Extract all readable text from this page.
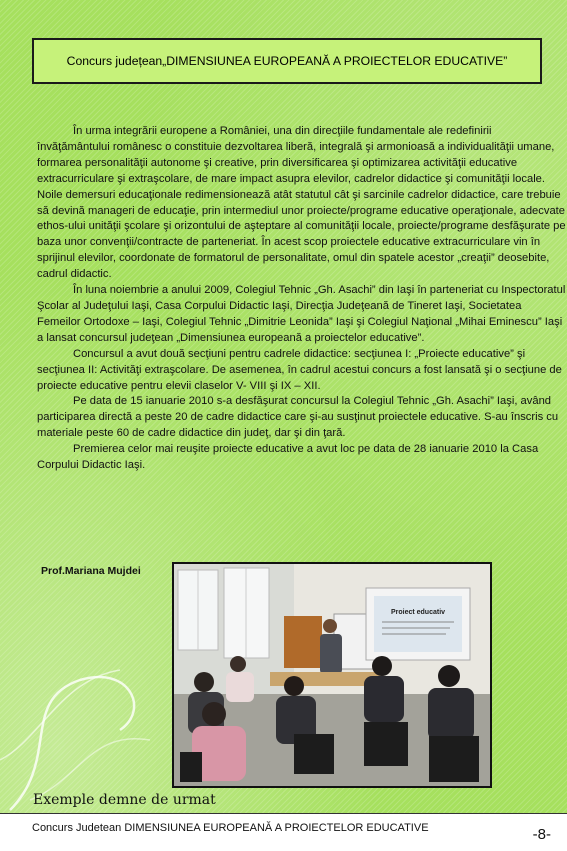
Concurs județean„DIMENSIUNEA EUROPEANĂ A PROIECTELOR EDUCATIVE”

În urma integrării europene a României, una din direcţiile fundamentale ale redefinirii învăţământului românesc o constituie dezvoltarea liberă, integrală şi armonioasă a individualităţii umane, formarea personalităţii autonome şi creative, prin diversificarea şi optimizarea activităţii educative extracurriculare şi extraşcolare, de mare impact asupra elevilor, cadrelor didactice şi comunităţii locale. Noile demersuri educaţionale redimensionează atât statutul cât şi sarcinile cadrelor didactice, care trebuie să devină manageri de educaţie, prin intermediul unor proiecte/programe educative operaţionale, adecvate ethos-ului unităţii şcolare şi orizontului de aşteptare al comunităţii locale, proiecte/programe desfăşurate pe baza unor convenţii/contracte de parteneriat. În acest scop proiectele educative extracurriculare vin în sprijinul elevilor, coordonate de formatorul de personalitate, omul din spatele acestor „creaţii” deosebite, cadrul didactic.

În luna noiembrie a anului 2009, Colegiul Tehnic „Gh. Asachi” din Iaşi în parteneriat cu Inspectoratul Şcolar al Judeţului Iaşi, Casa Corpului Didactic Iaşi, Direcţia Judeţeană de Tineret Iaşi, Societatea Femeilor Ortodoxe – Iaşi, Colegiul Tehnic „Dimitrie Leonida” Iaşi şi Colegiul Naţional „Mihai Eminescu” Iaşi a lansat concursul judeţean „Dimensiunea europeană a proiectelor educative”.

Concursul a avut două secţiuni pentru cadrele didactice: secţiunea I: „Proiecte educative” şi secţiunea II: Activităţi extraşcolare. De asemenea, în cadrul acestui concurs a fost lansată şi o secţiune de proiecte educative pentru elevii claselor V- VIII şi IX – XII.

Pe data de 15 ianuarie 2010 s-a desfăşurat concursul la Colegiul Tehnic „Gh. Asachi” Iaşi, având participarea directă a peste 20 de cadre didactice care şi-au susţinut proiectele educative. S-au înscris cu materiale peste 60 de cadre didactice din judeţ, dar şi din ţară.

Premierea celor mai reuşite proiecte educative a avut loc pe data de 28 ianuarie 2010 la Casa Corpului Didactic Iaşi.

Prof.Mariana Mujdei
Proiect educativ
Exemple demne de urmat
Concurs Judetean DIMENSIUNEA EUROPEANĂ A PROIECTELOR EDUCATIVE	-8-
